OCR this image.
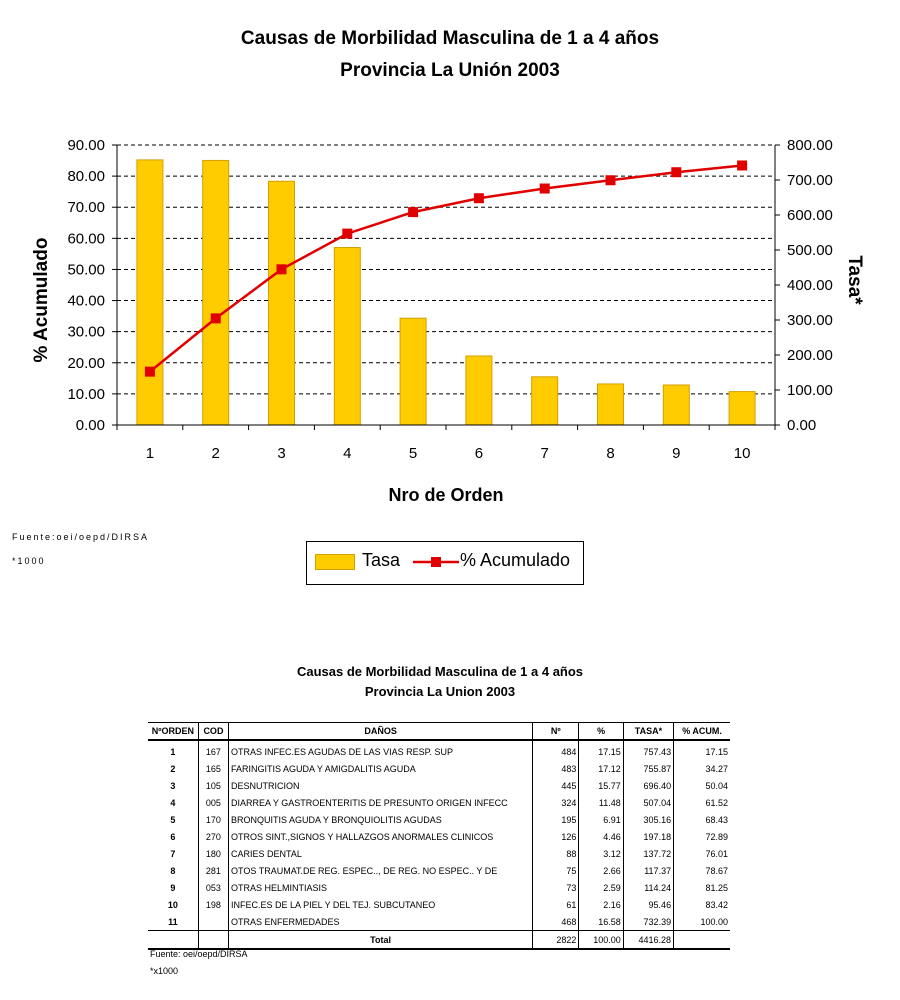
Causas de Morbilidad Masculina de 1 a 4 años
Provincia La Unión 2003
0.00
10.00
20.00
30.00
40.00
50.00
60.00
70.00
80.00
90.00
0.00
100.00
200.00
300.00
400.00
500.00
600.00
700.00
800.00
1	2	3	4	5	6	7	8	9	10
Nro de Orden
% Acumulado	Tasa*
Fuente:oei/oepd/DIRSA
*1000	Tasa	% Acumulado
Causas de Morbilidad Masculina de 1 a 4 años
Provincia La Union 2003
NºORDEN	COD	DAÑOS	Nº	%	TASA*	% ACUM.
1	167	OTRAS INFEC.ES AGUDAS DE LAS VIAS RESP. SUP	484	17.15	757.43	17.15
2	165	FARINGITIS AGUDA Y AMIGDALITIS AGUDA	483	17.12	755.87	34.27
3	105	DESNUTRICION	445	15.77	696.40	50.04
4	005	DIARREA Y GASTROENTERITIS DE PRESUNTO ORIGEN INFECC	324	11.48	507.04	61.52
5	170	BRONQUITIS AGUDA Y BRONQUIOLITIS AGUDAS	195	6.91	305.16	68.43
6	270	OTROS SINT.,SIGNOS Y HALLAZGOS ANORMALES CLINICOS	126	4.46	197.18	72.89
7	180	CARIES DENTAL	88	3.12	137.72	76.01
8	281	OTOS TRAUMAT.DE REG. ESPEC.., DE REG. NO ESPEC.. Y DE	75	2.66	117.37	78.67
9	053	OTRAS HELMINTIASIS	73	2.59	114.24	81.25
10	198	INFEC.ES DE LA PIEL Y DEL TEJ. SUBCUTANEO	61	2.16	95.46	83.42
11		OTRAS ENFERMEDADES	468	16.58	732.39	100.00
		Total	2822	100.00	4416.28	
Fuente: oei/oepd/DIRSA
*x1000
